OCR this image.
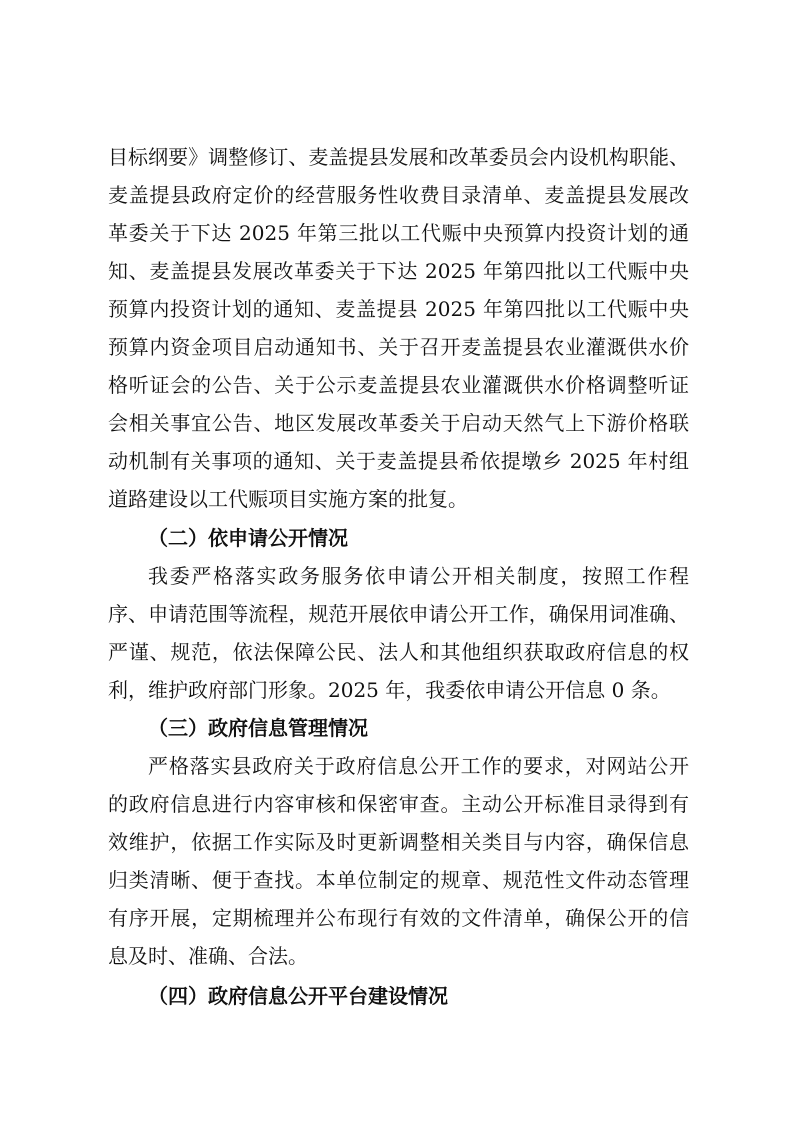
目标纲要》调整修订、麦盖提县发展和改革委员会内设机构职能、
麦盖提县政府定价的经营服务性收费目录清单、麦盖提县发展改
革委关于下达 2025 年第三批以工代赈中央预算内投资计划的通
知、麦盖提县发展改革委关于下达 2025 年第四批以工代赈中央
预算内投资计划的通知、麦盖提县 2025 年第四批以工代赈中央
预算内资金项目启动通知书、关于召开麦盖提县农业灌溉供水价
格听证会的公告、关于公示麦盖提县农业灌溉供水价格调整听证
会相关事宜公告、地区发展改革委关于启动天然气上下游价格联
动机制有关事项的通知、关于麦盖提县希依提墩乡 2025 年村组
道路建设以工代赈项目实施方案的批复。
（二）依申请公开情况
我委严格落实政务服务依申请公开相关制度，按照工作程
序、申请范围等流程，规范开展依申请公开工作，确保用词准确、
严谨、规范，依法保障公民、法人和其他组织获取政府信息的权
利，维护政府部门形象。2025 年，我委依申请公开信息 0 条。
（三）政府信息管理情况
严格落实县政府关于政府信息公开工作的要求，对网站公开
的政府信息进行内容审核和保密审查。主动公开标准目录得到有
效维护，依据工作实际及时更新调整相关类目与内容，确保信息
归类清晰、便于查找。本单位制定的规章、规范性文件动态管理
有序开展，定期梳理并公布现行有效的文件清单，确保公开的信
息及时、准确、合法。
（四）政府信息公开平台建设情况
